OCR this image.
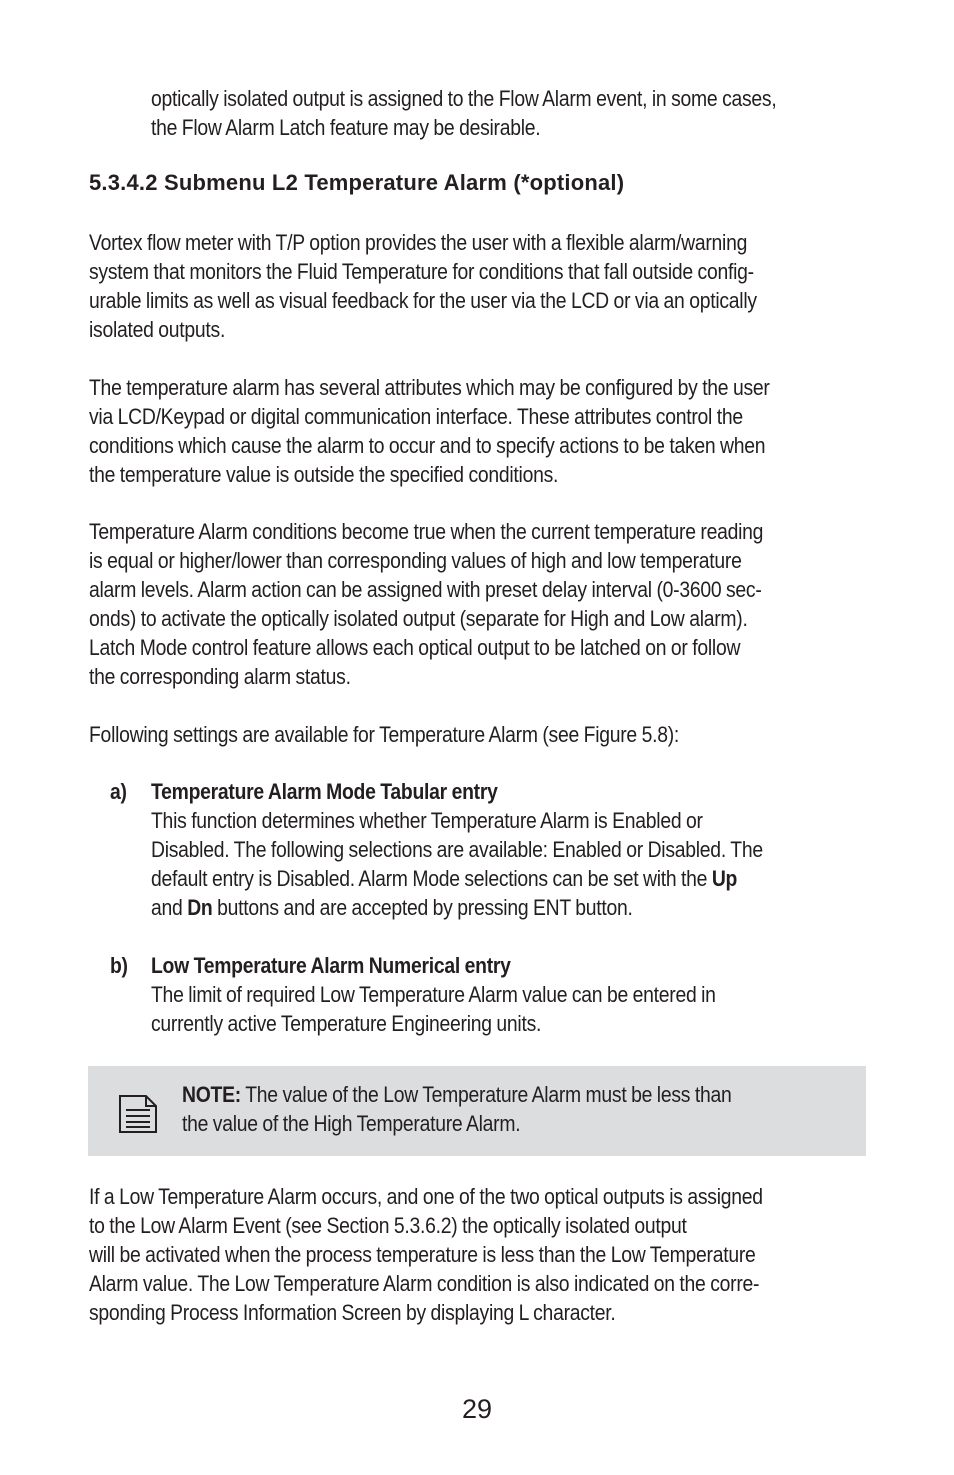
optically isolated output is assigned to the Flow Alarm event, in some cases,
the Flow Alarm Latch feature may be desirable.
5.3.4.2 Submenu L2 Temperature Alarm (*optional)
Vortex flow meter with T/P option provides the user with a flexible alarm/warning
system that monitors the Fluid Temperature for conditions that fall outside config-
urable limits as well as visual feedback for the user via the LCD or via an optically
isolated outputs.
The temperature alarm has several attributes which may be configured by the user
via LCD/Keypad or digital communication interface. These attributes control the
conditions which cause the alarm to occur and to specify actions to be taken when
the temperature value is outside the specified conditions.
Temperature Alarm conditions become true when the current temperature reading
is equal or higher/lower than corresponding values of high and low temperature
alarm levels. Alarm action can be assigned with preset delay interval (0-3600 sec-
onds) to activate the optically isolated output (separate for High and Low alarm).
Latch Mode control feature allows each optical output to be latched on or follow
the corresponding alarm status.
Following settings are available for Temperature Alarm (see Figure 5.8):
a) Temperature Alarm Mode Tabular entry
This function determines whether Temperature Alarm is Enabled or
Disabled. The following selections are available: Enabled or Disabled. The
default entry is Disabled. Alarm Mode selections can be set with the Up
and Dn buttons and are accepted by pressing ENT button.
b) Low Temperature Alarm Numerical entry
The limit of required Low Temperature Alarm value can be entered in
currently active Temperature Engineering units.
NOTE: The value of the Low Temperature Alarm must be less than
the value of the High Temperature Alarm.
If a Low Temperature Alarm occurs, and one of the two optical outputs is assigned
to the Low Alarm Event (see Section 5.3.6.2) the optically isolated output
will be activated when the process temperature is less than the Low Temperature
Alarm value. The Low Temperature Alarm condition is also indicated on the corre-
sponding Process Information Screen by displaying L character.
29
